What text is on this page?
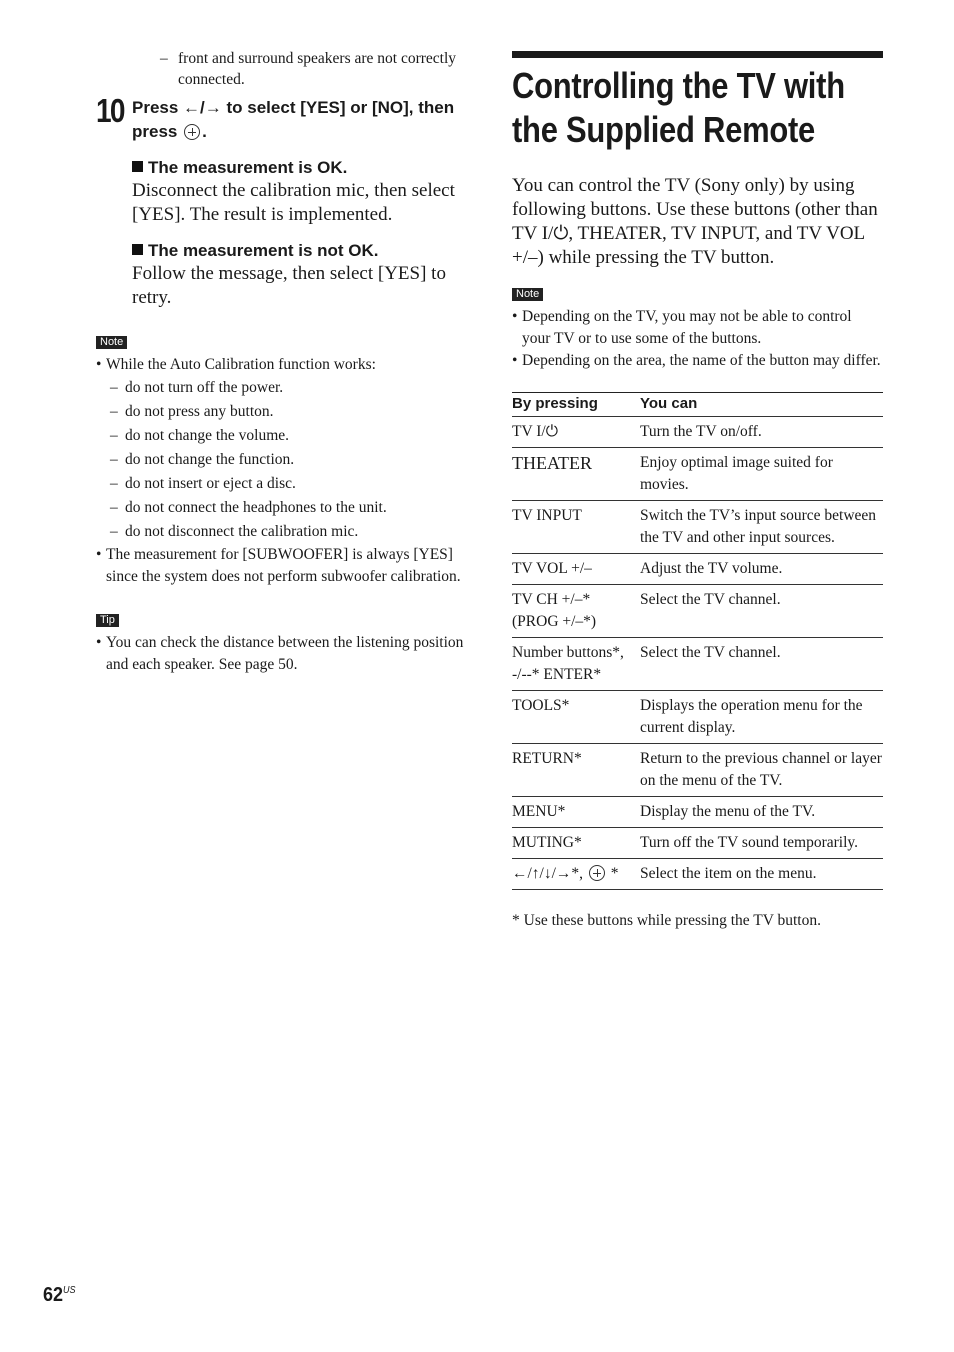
– front and surround speakers are not correctly
connected.
10 Press ←/→ to select [YES] or [NO], then press .
The measurement is OK.
Disconnect the calibration mic, then select [YES]. The result is implemented.
The measurement is not OK.
Follow the message, then select [YES] to retry.
Note
• While the Auto Calibration function works:
– do not turn off the power.
– do not press any button.
– do not change the volume.
– do not change the function.
– do not insert or eject a disc.
– do not connect the headphones to the unit.
– do not disconnect the calibration mic.
• The measurement for [SUBWOOFER] is always [YES] since the system does not perform subwoofer calibration.
Tip
• You can check the distance between the listening position and each speaker. See page 50.
Controlling the TV with
the Supplied Remote
You can control the TV (Sony only) by using following buttons. Use these buttons (other than TV I/⏻, THEATER, TV INPUT, and TV VOL +/–) while pressing the TV button.
Note
• Depending on the TV, you may not be able to control your TV or to use some of the buttons.
• Depending on the area, the name of the button may differ.
By pressing	You can
TV I/⏻	Turn the TV on/off.
THEATER	Enjoy optimal image suited for movies.
TV INPUT	Switch the TV’s input source between the TV and other input sources.
TV VOL +/–	Adjust the TV volume.
TV CH +/–* (PROG +/–*)	Select the TV channel.
Number buttons*, -/--* ENTER*	Select the TV channel.
TOOLS*	Displays the operation menu for the current display.
RETURN*	Return to the previous channel or layer on the menu of the TV.
MENU*	Display the menu of the TV.
MUTING*	Turn off the TV sound temporarily.
←/↑/↓/→*,  *	Select the item on the menu.
* Use these buttons while pressing the TV button.
$62^{US}$
